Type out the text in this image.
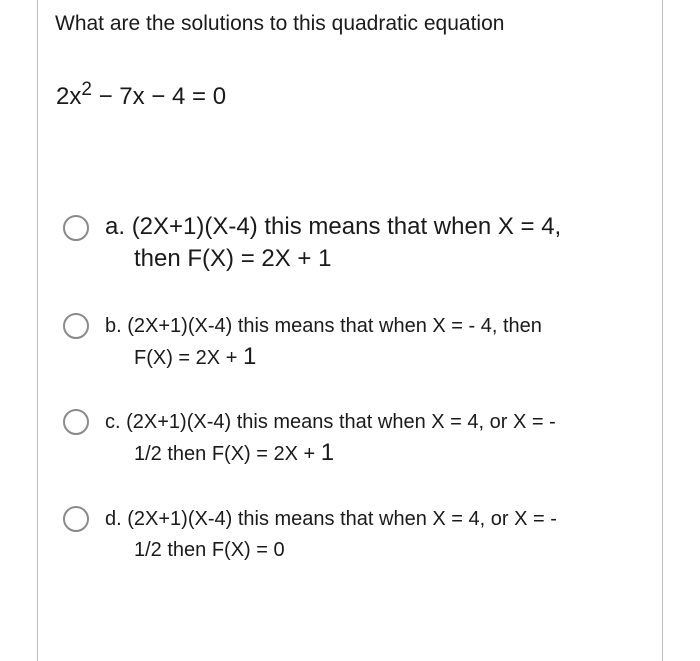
What are the solutions to this quadratic equation
$2x^2 - 7x - 4 = 0$
a. (2X+1)(X-4) this means that when X = 4,
then F(X) = 2X + 1
b. (2X+1)(X-4) this means that when X = - 4, then
F(X) = 2X + 1
c. (2X+1)(X-4) this means that when X = 4, or X = -
1/2 then F(X) = 2X + 1
d. (2X+1)(X-4) this means that when X = 4, or X = -
1/2 then F(X) = 0
